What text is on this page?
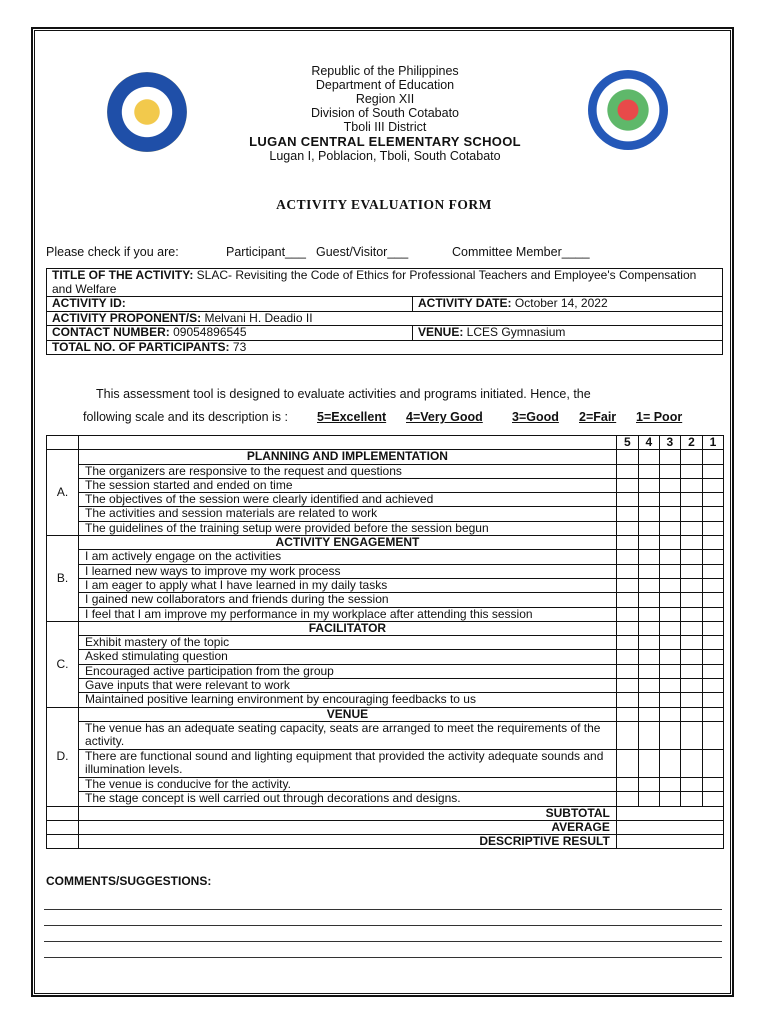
Republic of the Philippines
Department of Education
Region XII
Division of South Cotabato
Tboli III District
LUGAN CENTRAL ELEMENTARY SCHOOL
Lugan I, Poblacion, Tboli, South Cotabato
ACTIVITY EVALUATION FORM
Please check if you are:	Participant___ Guest/Visitor___	Committee Member____
TITLE OF THE ACTIVITY: SLAC- Revisiting the Code of Ethics for Professional Teachers and Employee's Compensation and Welfare	
ACTIVITY ID:	ACTIVITY DATE: October 14, 2022
ACTIVITY PROPONENT/S: Melvani H. Deadio II	
CONTACT NUMBER: 09054896545	VENUE: LCES Gymnasium
TOTAL NO. OF PARTICIPANTS: 73	
This assessment tool is designed to evaluate activities and programs initiated. Hence, the
following scale and its description is : 5=Excellent 4=Very Good 3=Good 2=Fair 1= Poor
		5	4	3	2	1
A.	PLANNING AND IMPLEMENTATION					
	The organizers are responsive to the request and questions					
	The session started and ended on time					
	The objectives of the session were clearly identified and achieved					
	The activities and session materials are related to work					
	The guidelines of the training setup were provided before the session begun					
B.	ACTIVITY ENGAGEMENT					
	I am actively engage on the activities					
	I learned new ways to improve my work process					
	I am eager to apply what I have learned in my daily tasks					
	I gained new collaborators and friends during the session					
	I feel that I am improve my performance in my workplace after attending this session					
C.	FACILITATOR					
	Exhibit mastery of the topic					
	Asked stimulating question					
	Encouraged active participation from the group					
	Gave inputs that were relevant to work					
	Maintained positive learning environment by encouraging feedbacks to us					
D.	VENUE					
	The venue has an adequate seating capacity, seats are arranged to meet the requirements of the activity.					
	There are functional sound and lighting equipment that provided the activity adequate sounds and illumination levels.					
	The venue is conducive for the activity.					
	The stage concept is well carried out through decorations and designs.					
	SUBTOTAL					
	AVERAGE					
	DESCRIPTIVE RESULT					
COMMENTS/SUGGESTIONS:
